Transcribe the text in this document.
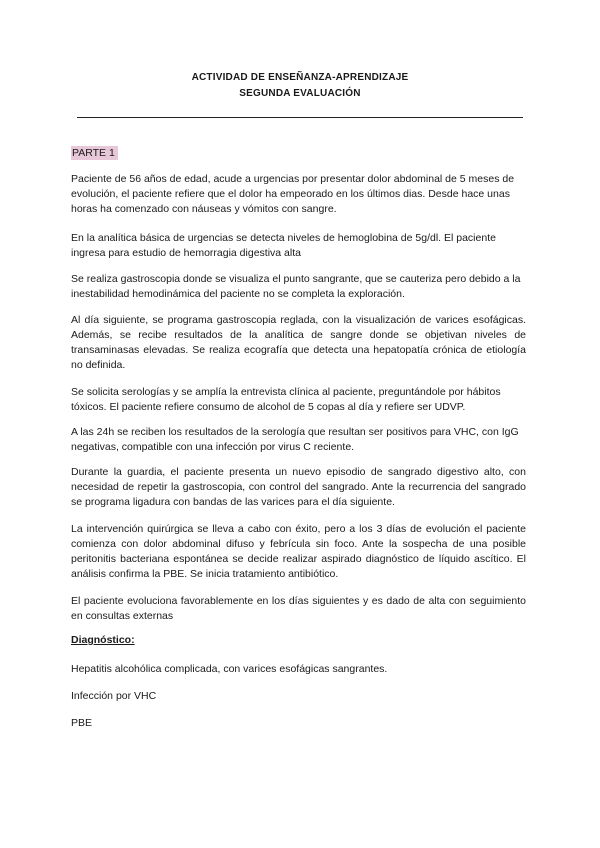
ACTIVIDAD DE ENSEÑANZA-APRENDIZAJE
SEGUNDA EVALUACIÓN
PARTE 1

Paciente de 56 años de edad, acude a urgencias por presentar dolor abdominal de 5 meses de evolución, el paciente refiere que el dolor ha empeorado en los últimos dias. Desde hace unas horas ha comenzado con náuseas y vómitos con sangre.

En la analítica básica de urgencias se detecta niveles de hemoglobina de 5g/dl. El paciente ingresa para estudio de hemorragia digestiva alta

Se realiza gastroscopia donde se visualiza el punto sangrante, que se cauteriza pero debido a la inestabilidad hemodinámica del paciente no se completa la exploración.

Al día siguiente, se programa gastroscopia reglada, con la visualización de varices esofágicas. Además, se recibe resultados de la analítica de sangre donde se objetivan niveles de transaminasas elevadas. Se realiza ecografía que detecta una hepatopatía crónica de etiología no definida.

Se solicita serologías y se amplía la entrevista clínica al paciente, preguntándole por hábitos tóxicos. El paciente refiere consumo de alcohol de 5 copas al día y refiere ser UDVP.

A las 24h se reciben los resultados de la serología que resultan ser positivos para VHC, con IgG negativas, compatible con una infección por virus C reciente.

Durante la guardia, el paciente presenta un nuevo episodio de sangrado digestivo alto, con necesidad de repetir la gastroscopia, con control del sangrado. Ante la recurrencia del sangrado se programa ligadura con bandas de las varices para el día siguiente.

La intervención quirúrgica se lleva a cabo con éxito, pero a los 3 días de evolución el paciente comienza con dolor abdominal difuso y febrícula sin foco. Ante la sospecha de una posible peritonitis bacteriana espontánea se decide realizar aspirado diagnóstico de líquido ascítico. El análisis confirma la PBE. Se inicia tratamiento antibiótico.

El paciente evoluciona favorablemente en los días siguientes y es dado de alta con seguimiento en consultas externas

Diagnóstico:

Hepatitis alcohólica complicada, con varices esofágicas sangrantes.

Infección por VHC

PBE
